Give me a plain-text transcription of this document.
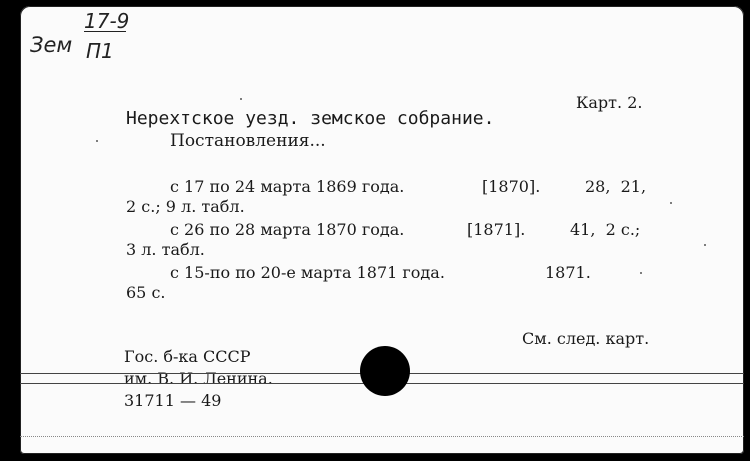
17-9
Зем П1
Карт. 2.
Нерехтское уезд. земское собрание.
Постановления...
с 17 по 24 марта 1869 года.	[1870].	28,  21,
2 с.; 9 л. табл.
с 26 по 28 марта 1870 года.	[1871].	41,  2 с.;
3 л. табл.
с 15-по по 20-е марта 1871 года.	1871.
65 с.
См. след. карт.
Гос. б-ка СССР
им. В. И. Ленина.
31711 — 49
